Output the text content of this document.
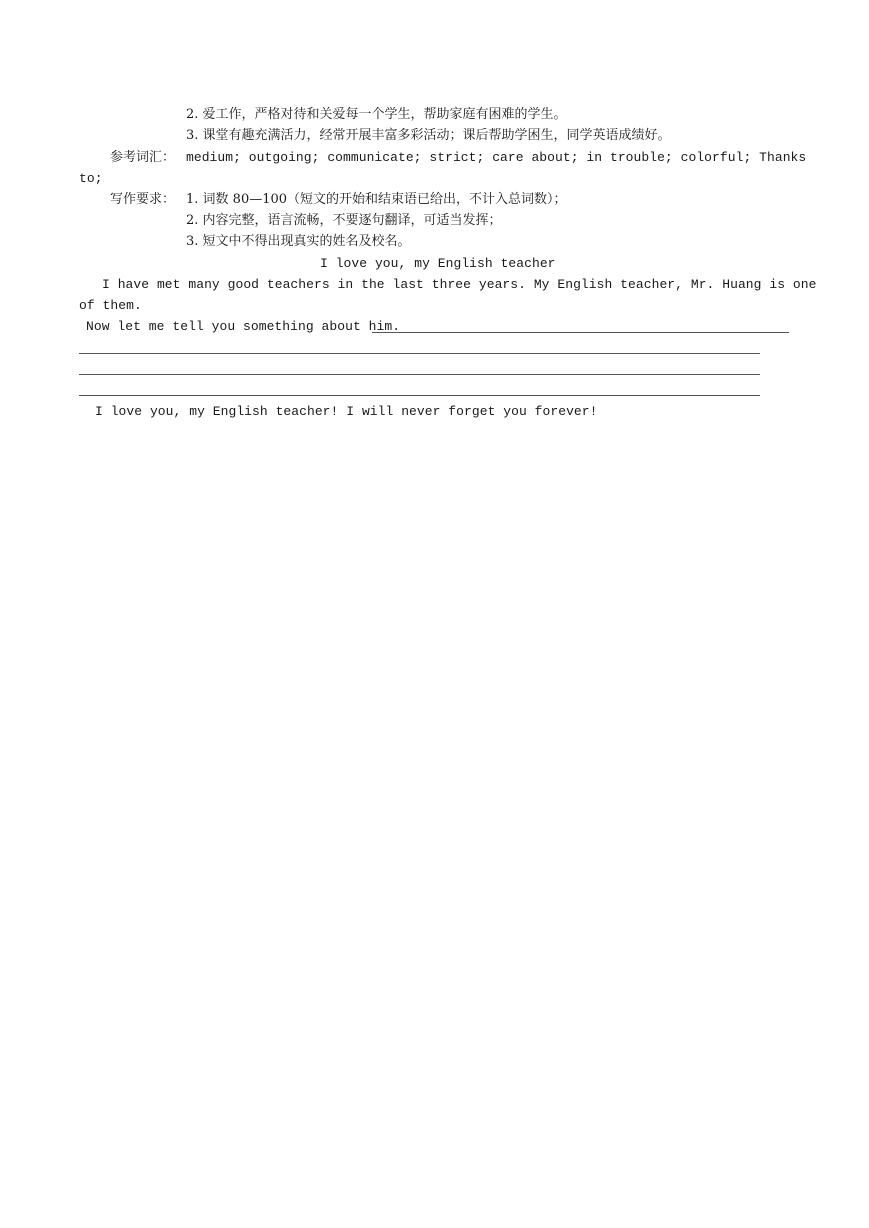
2. 爱工作，严格对待和关爱每一个学生，帮助家庭有困难的学生。
3. 课堂有趣充满活力，经常开展丰富多彩活动；课后帮助学困生，同学英语成绩好。
参考词汇： medium; outgoing; communicate; strict; care about; in trouble; colorful; Thanks
to;
写作要求： 1. 词数 80—100（短文的开始和结束语已给出，不计入总词数）；
2. 内容完整，语言流畅，不要逐句翻译，可适当发挥；
3. 短文中不得出现真实的姓名及校名。
I love you, my English teacher
I have met many good teachers in the last three years. My English teacher, Mr. Huang is one
of them.
Now let me tell you something about him.
I love you, my English teacher! I will never forget you forever!
